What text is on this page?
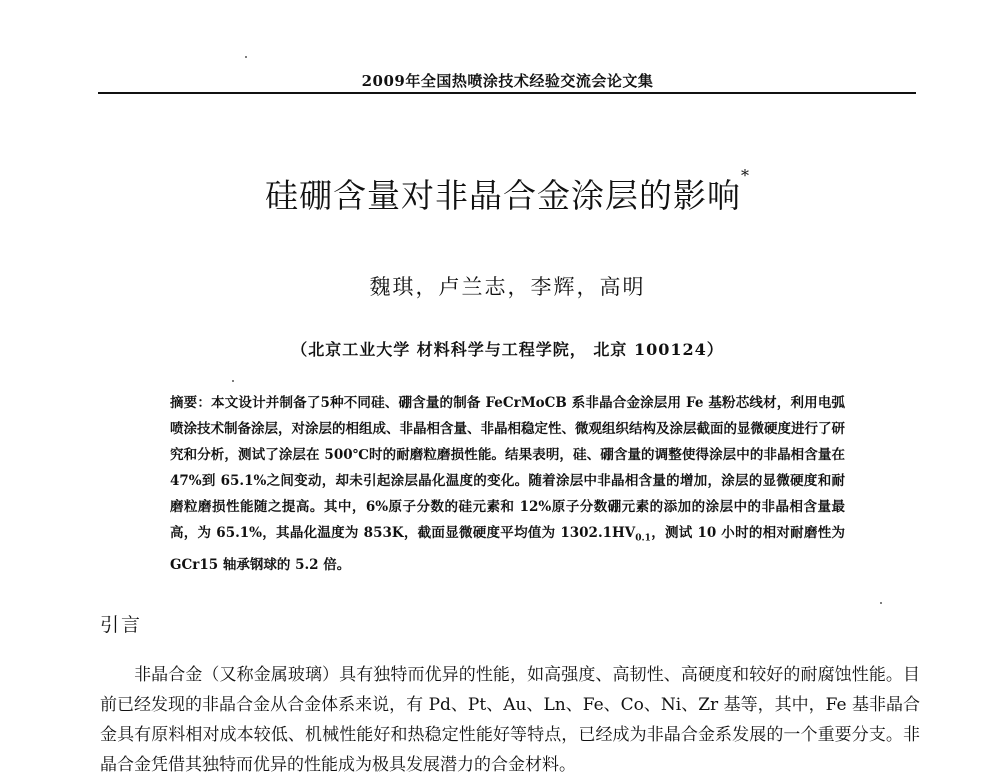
2009年全国热喷涂技术经验交流会论文集
硅硼含量对非晶合金涂层的影响*
魏琪，卢兰志，李辉，高明
（北京工业大学 材料科学与工程学院， 北京 100124）
摘要：本文设计并制备了5种不同硅、硼含量的制备 FeCrMoCB 系非晶合金涂层用 Fe 基粉芯线材，利用电弧喷涂技术制备涂层，对涂层的相组成、非晶相含量、非晶相稳定性、微观组织结构及涂层截面的显微硬度进行了研究和分析，测试了涂层在 500℃时的耐磨粒磨损性能。结果表明，硅、硼含量的调整使得涂层中的非晶相含量在 47%到 65.1%之间变动，却未引起涂层晶化温度的变化。随着涂层中非晶相含量的增加，涂层的显微硬度和耐磨粒磨损性能随之提高。其中，6%原子分数的硅元素和 12%原子分数硼元素的添加的涂层中的非晶相含量最高，为 65.1%，其晶化温度为 853K，截面显微硬度平均值为 $1302.1HV_{0.1}$，测试 10 小时的相对耐磨性为 GCr15 轴承钢球的 5.2 倍。
引言
非晶合金（又称金属玻璃）具有独特而优异的性能，如高强度、高韧性、高硬度和较好的耐腐蚀性能。目前已经发现的非晶合金从合金体系来说，有 Pd、Pt、Au、Ln、Fe、Co、Ni、Zr 基等，其中，Fe 基非晶合金具有原料相对成本较低、机械性能好和热稳定性能好等特点，已经成为非晶合金系发展的一个重要分支。非晶合金凭借其独特而优异的性能成为极具发展潜力的合金材料。
